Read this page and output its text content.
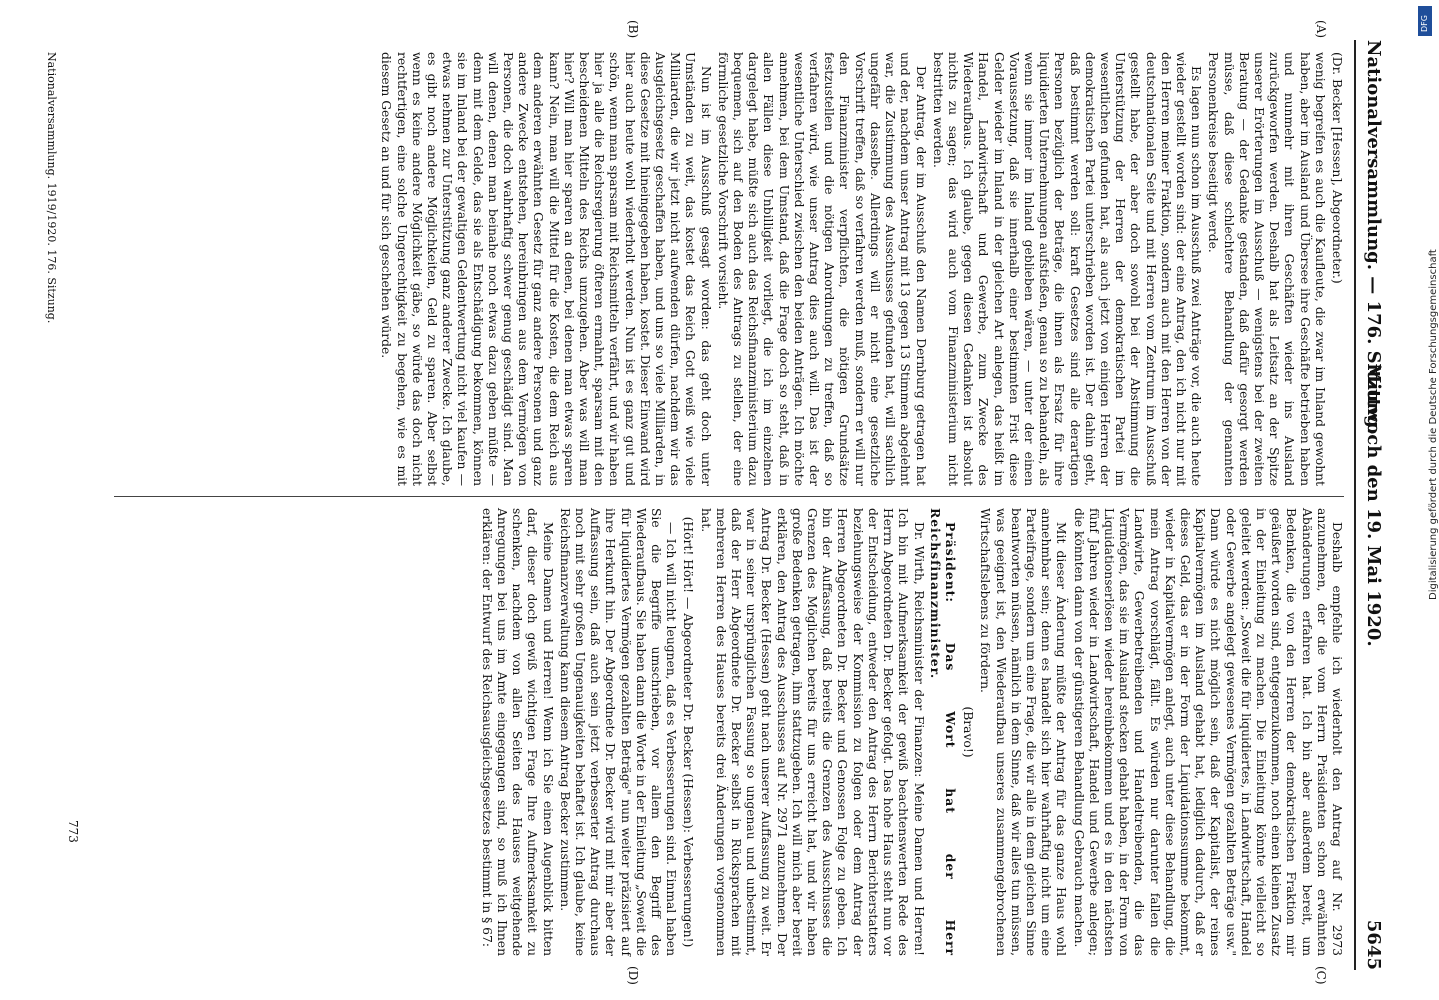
Nationalversammlung. — 176. Sitzung.
Mittwoch den 19. Mai 1920.
5645
(A)
(B)
(C)
(D)

(Dr. Becker [Hessen], Abgeordneter.)

wenig begreifen es auch die Kaufleute, die zwar im Inland gewohnt haben, aber im Ausland und Übersee ihre Geschäfte betrieben haben und nunmehr mit ihren Geschäften wieder ins Ausland zurückgeworfen werden. Deshalb hat als Leitsatz an der Spitze unserer Erörterungen im Ausschuß — wenigstens bei der zweiten Beratung — der Gedanke gestanden, daß dafür gesorgt werden müsse, daß diese schlechtere Behandlung der genannten Personenkreise beseitigt werde.

Es lagen nun schon im Ausschuß zwei Anträge vor, die auch heute wieder gestellt worden sind: der eine Antrag, den ich nicht nur mit den Herren meiner Fraktion, sondern auch mit den Herren von der deutschnationalen Seite und mit Herren vom Zentrum im Ausschuß gestellt habe, der aber doch sowohl bei der Abstimmung die Unterstützung der Herren der demokratischen Partei im wesentlichen gefunden hat, als auch jetzt von einigen Herren der demokratischen Partei unterschrieben worden ist. Der dahin geht, daß bestimmt werden soll: kraft Gesetzes sind alle derartigen Personen bezüglich der Beträge, die ihnen als Ersatz für ihre liquidierten Unternehmungen aufstießen, genau so zu behandeln, als wenn sie immer im Inland geblieben wären, — unter der einen Voraussetzung, daß sie innerhalb einer bestimmten Frist diese Gelder wieder im Inland in der gleichen Art anlegen, das heißt im Handel, Landwirtschaft und Gewerbe, zum Zwecke des Wiederaufbaus. Ich glaube, gegen diesen Gedanken ist absolut nichts zu sagen; das wird auch vom Finanzministerium nicht bestritten werden.

Der Antrag, der im Ausschuß den Namen Dernburg getragen hat und der, nachdem unser Antrag mit 13 gegen 13 Stimmen abgelehnt war, die Zustimmung des Ausschusses gefunden hat, will sachlich ungefähr dasselbe. Allerdings will er nicht eine gesetzliche Vorschrift treffen, daß so verfahren werden muß, sondern er will nur den Finanzminister verpflichten, die nötigen Grundsätze festzustellen und die nötigen Anordnungen zu treffen, daß so verfahren wird, wie unser Antrag dies auch will. Das ist der wesentliche Unterschied zwischen den beiden Anträgen. Ich möchte annehmen, bei dem Umstand, daß die Frage doch so steht, daß in allen Fällen diese Unbilligkeit vorliegt, die ich im einzelnen dargelegt habe, müßte sich auch das Reichsfinanzministerium dazu bequemen, sich auf den Boden des Antrags zu stellen, der eine förmliche gesetzliche Vorschrift vorsieht.

Nun ist im Ausschuß gesagt worden: das geht doch unter Umständen zu weit, das kostet das Reich Gott weiß wie viele Milliarden, die wir jetzt nicht aufwenden dürfen, nachdem wir das Ausgleichsgesetz geschaffen haben, und uns so viele Milliarden, in diese Gesetze mit hineingegeben haben, kostet. Dieser Einwand wird hier auch heute wohl wiederholt werden. Nun ist es ganz gut und schön, wenn man sparsam mit Reichsmitteln verfährt, und wir haben hier ja alle die Reichsregierung öfteren ermahnt, sparsam mit den bescheidenen Mitteln des Reichs umzugehen. Aber was will man hier? Will man hier sparen an denen, bei denen man etwas sparen kann? Nein, man will die Mittel für die Kosten, die dem Reich aus dem anderen erwähnten Gesetz für ganz andere Personen und ganz andere Zwecke entstehen, hereinbringen aus dem Vermögen von Personen, die doch wahrhaftig schwer genug geschädigt sind. Man will denen, denen man beinahe noch etwas dazu geben müßte — denn mit dem Gelde, das sie als Entschädigung bekommen, können sie im Inland bei der gewaltigen Geldentwertung nicht viel kaufen — etwas nehmen zur Unterstützung ganz anderer Zwecke. Ich glaube, es gibt noch andere Möglichkeiten, Geld zu sparen. Aber selbst wenn es keine andere Möglichkeit gäbe, so würde das doch nicht rechtfertigen, eine solche Ungerechtigkeit zu begehen, wie es mit diesem Gesetz an und für sich geschehen würde.

Deshalb empfehle ich wiederholt den Antrag auf Nr. 2973 anzunehmen, der die vom Herrn Präsidenten schon erwähnten Abänderungen erfahren hat. Ich bin aber außerdem bereit, um Bedenken, die von den Herren der demokratischen Fraktion mir geäußert worden sind, entgegenzukommen, noch einen kleinen Zusatz in der Einleitung zu machen. Die Einleitung könnte vielleicht so geleitet werden: „Soweit die für liquidiertes, in Landwirtschaft, Handel oder Gewerbe angelegt gewesenes Vermögen gezahlten Beträge usw." Dann würde es nicht möglich sein, daß der Kapitalist, der reines Kapitalvermögen im Ausland gehabt hat, lediglich dadurch, daß er dieses Geld, das er in der Form der Liquidationssumme bekommt, wieder in Kapitalvermögen anlegt, auch unter diese Behandlung, die mein Antrag vorschlägt, fällt. Es würden nur darunter fallen die Landwirte, Gewerbetreibenden und Handeltreibenden, die das Vermögen, das sie im Ausland stecken gehabt haben, in der Form von Liquidationserlösen wieder hereinbekommen und es in den nächsten fünf Jahren wieder in Landwirtschaft, Handel und Gewerbe anlegen; die könnten dann von der günstigeren Behandlung Gebrauch machen.

Mit dieser Änderung müßte der Antrag für das ganze Haus wohl annehmbar sein; denn es handelt sich hier wahrhaftig nicht um eine Parteifrage, sondern um eine Frage, die wir alle in dem gleichen Sinne beantworten müssen, nämlich in dem Sinne, daß wir alles tun müssen, was geeignet ist, den Wiederaufbau unseres zusammengebrochenen Wirtschaftslebens zu fördern.

(Bravo!)

Präsident: Das Wort hat der Herr Reichsfinanzminister.

Dr. Wirth, Reichsminister der Finanzen: Meine Damen und Herren! Ich bin mit Aufmerksamkeit der gewiß beachtenswerten Rede des Herrn Abgeordneten Dr. Becker gefolgt. Das hohe Haus steht nun vor der Entscheidung, entweder den Antrag des Herrn Berichterstatters beziehungsweise der Kommission zu folgen oder dem Antrag der Herren Abgeordneten Dr. Becker und Genossen Folge zu geben. Ich bin der Auffassung, daß bereits die Grenzen des Ausschusses die Grenzen des Möglichen bereits für uns erreicht hat, und wir haben große Bedenken getragen, ihm stattzugeben. Ich will mich aber bereit erklären, den Antrag des Ausschusses auf Nr. 2971 anzunehmen. Der Antrag Dr. Becker (Hessen) geht nach unserer Auffassung zu weit. Er war in seiner ursprünglichen Fassung so ungenau und unbestimmt, daß der Herr Abgeordnete Dr. Becker selbst in Rücksprachen mit mehreren Herren des Hauses bereits drei Änderungen vorgenommen hat.

(Hört! Hört! — Abgeordneter Dr. Becker (Hessen): Verbesserungen!)

— Ich will nicht leugnen, daß es Verbesserungen sind. Einmal haben Sie die Begriffe umschrieben, vor allem den Begriff des Wiederaufbaus. Sie haben dann die Worte in der Einleitung „Soweit die für liquidiertes Vermögen gezahlten Beträge" nun weiter präzisiert auf ihre Herkunft hin. Der Abgeordnete Dr. Becker wird mit mir aber der Auffassung sein, daß auch sein jetzt verbesserter Antrag durchaus noch mit sehr großen Ungenauigkeiten behaftet ist. Ich glaube, keine Reichsfinanzverwaltung kann diesem Antrag Becker zustimmen.

Meine Damen und Herren! Wenn ich Sie einen Augenblick bitten darf, dieser doch gewiß wichtigen Frage Ihre Aufmerksamkeit zu schenken, nachdem von allen Seiten des Hauses weitgehende Anregungen bei uns im Amte eingegangen sind, so muß ich Ihnen erklären: der Entwurf des Reichsausgleichsgesetzes bestimmt in § 67:

Nationalversammlung. 1919/1920. 176. Sitzung.
773
Digitalisierung gefördert durch die Deutsche Forschungsgemeinschaft
DFG
